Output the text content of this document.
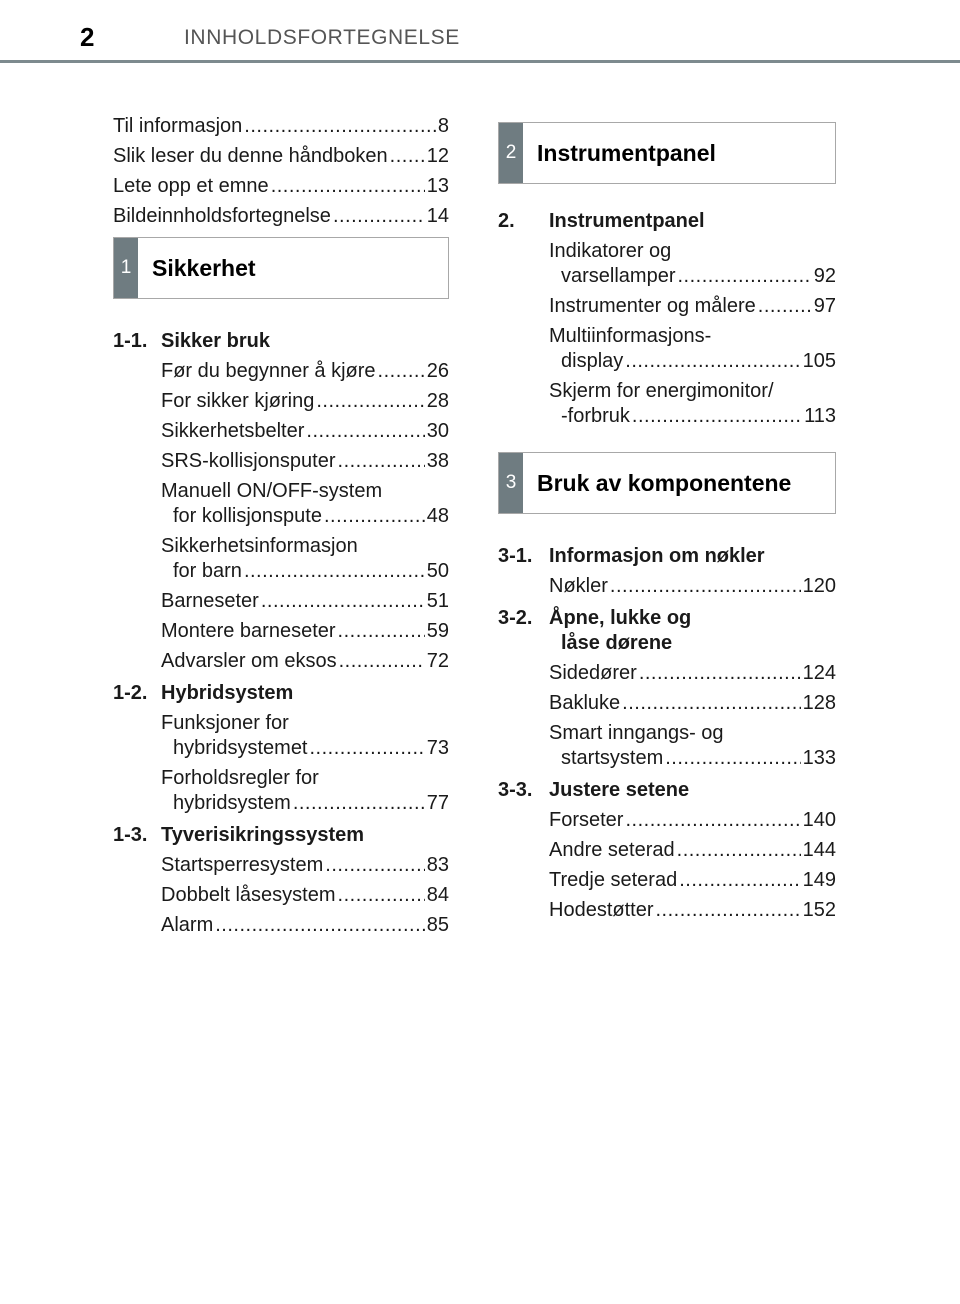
2	INNHOLDSFORTEGNELSE
Til informasjon .....	8
Slik leser du denne håndboken ..... 12
Lete opp et emne .....	13
Bildeinnholdsfortegnelse .....	14
1 Sikkerhet
1-1. Sikker bruk
Før du begynner å kjøre .....	26
For sikker kjøring .....	28
Sikkerhetsbelter .....	30
SRS-kollisjonsputer .....	38
Manuell ON/OFF-system
for kollisjonspute .....	48
Sikkerhetsinformasjon
for barn .....	50
Barneseter .....	51
Montere barneseter .....	59
Advarsler om eksos .....	72
1-2. Hybridsystem
Funksjoner for
hybridsystemet .....	73
Forholdsregler for
hybridsystem .....	77
1-3. Tyverisikringssystem
Startsperresystem .....	83
Dobbelt låsesystem .....	84
Alarm .....	85
2 Instrumentpanel
2.	Instrumentpanel
Indikatorer og
varsellamper .....	92
Instrumenter og målere .....	97
Multiinformasjons-
display .....	105
Skjerm for energimonitor/
-forbruk .....	113
3 Bruk av komponentene
3-1. Informasjon om nøkler
Nøkler .....	120
3-2. Åpne, lukke og
låse dørene
Sidedører .....	124
Bakluke .....	128
Smart inngangs- og
startsystem .....	133
3-3. Justere setene
Forseter .....	140
Andre seterad .....	144
Tredje seterad .....	149
Hodestøtter .....	152
